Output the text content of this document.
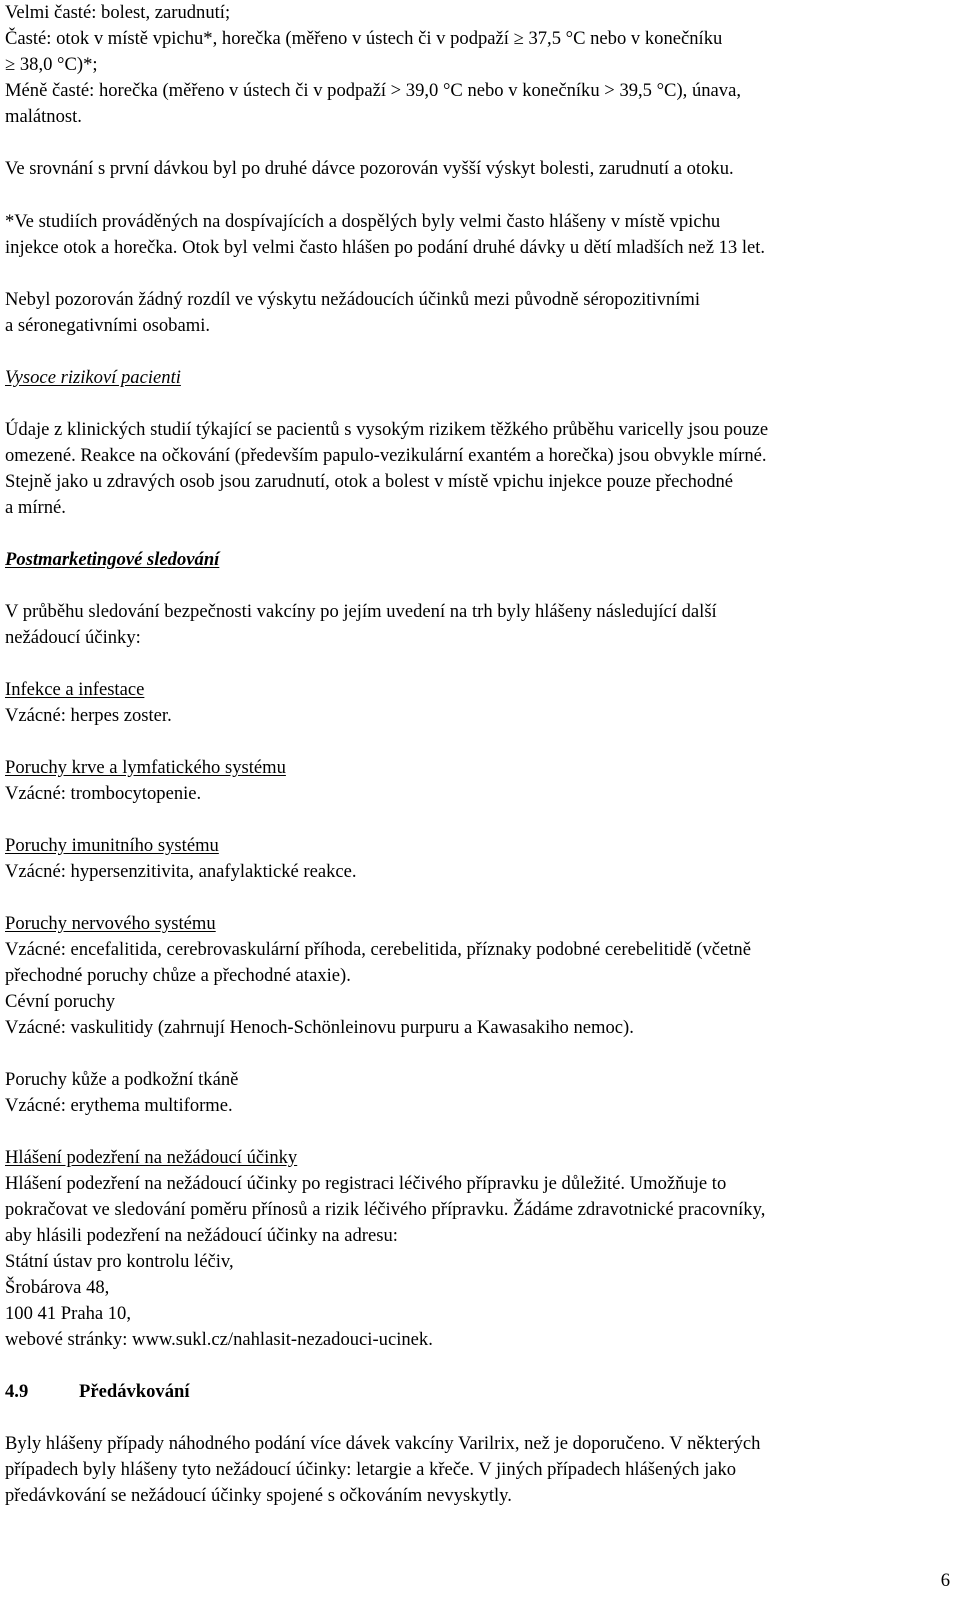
Velmi časté: bolest, zarudnutí;
Časté: otok v místě vpichu*, horečka (měřeno v ústech či v podpaží ≥ 37,5 °C nebo v konečníku
≥ 38,0 °C)*;
Méně časté: horečka (měřeno v ústech či v podpaží > 39,0 °C nebo v konečníku > 39,5 °C), únava,
malátnost.
Ve srovnání s první dávkou byl po druhé dávce pozorován vyšší výskyt bolesti, zarudnutí a otoku.
*Ve studiích prováděných na dospívajících a dospělých byly velmi často hlášeny v místě vpichu
injekce otok a horečka. Otok byl velmi často hlášen po podání druhé dávky u dětí mladších než 13 let.
Nebyl pozorován žádný rozdíl ve výskytu nežádoucích účinků mezi původně séropozitivními
a séronegativními osobami.
Vysoce rizikoví pacienti
Údaje z klinických studií týkající se pacientů s vysokým rizikem těžkého průběhu varicelly jsou pouze
omezené. Reakce na očkování (především papulo-vezikulární exantém a horečka) jsou obvykle mírné.
Stejně jako u zdravých osob jsou zarudnutí, otok a bolest v místě vpichu injekce pouze přechodné
a mírné.
Postmarketingové sledování
V průběhu sledování bezpečnosti vakcíny po jejím uvedení na trh byly hlášeny následující další
nežádoucí účinky:
Infekce a infestace
Vzácné: herpes zoster.
Poruchy krve a lymfatického systému
Vzácné: trombocytopenie.
Poruchy imunitního systému
Vzácné: hypersenzitivita, anafylaktické reakce.
Poruchy nervového systému
Vzácné: encefalitida, cerebrovaskulární příhoda, cerebelitida, příznaky podobné cerebelitidě (včetně
přechodné poruchy chůze a přechodné ataxie).
Cévní poruchy
Vzácné: vaskulitidy (zahrnují Henoch-Schönleinovu purpuru a Kawasakiho nemoc).
Poruchy kůže a podkožní tkáně
Vzácné: erythema multiforme.
Hlášení podezření na nežádoucí účinky
Hlášení podezření na nežádoucí účinky po registraci léčivého přípravku je důležité. Umožňuje to
pokračovat ve sledování poměru přínosů a rizik léčivého přípravku. Žádáme zdravotnické pracovníky,
aby hlásili podezření na nežádoucí účinky na adresu:
Státní ústav pro kontrolu léčiv,
Šrobárova 48,
100 41 Praha 10,
webové stránky: www.sukl.cz/nahlasit-nezadouci-ucinek.
4.9	Předávkování
Byly hlášeny případy náhodného podání více dávek vakcíny Varilrix, než je doporučeno. V některých
případech byly hlášeny tyto nežádoucí účinky: letargie a křeče. V jiných případech hlášených jako
předávkování se nežádoucí účinky spojené s očkováním nevyskytly.
6
